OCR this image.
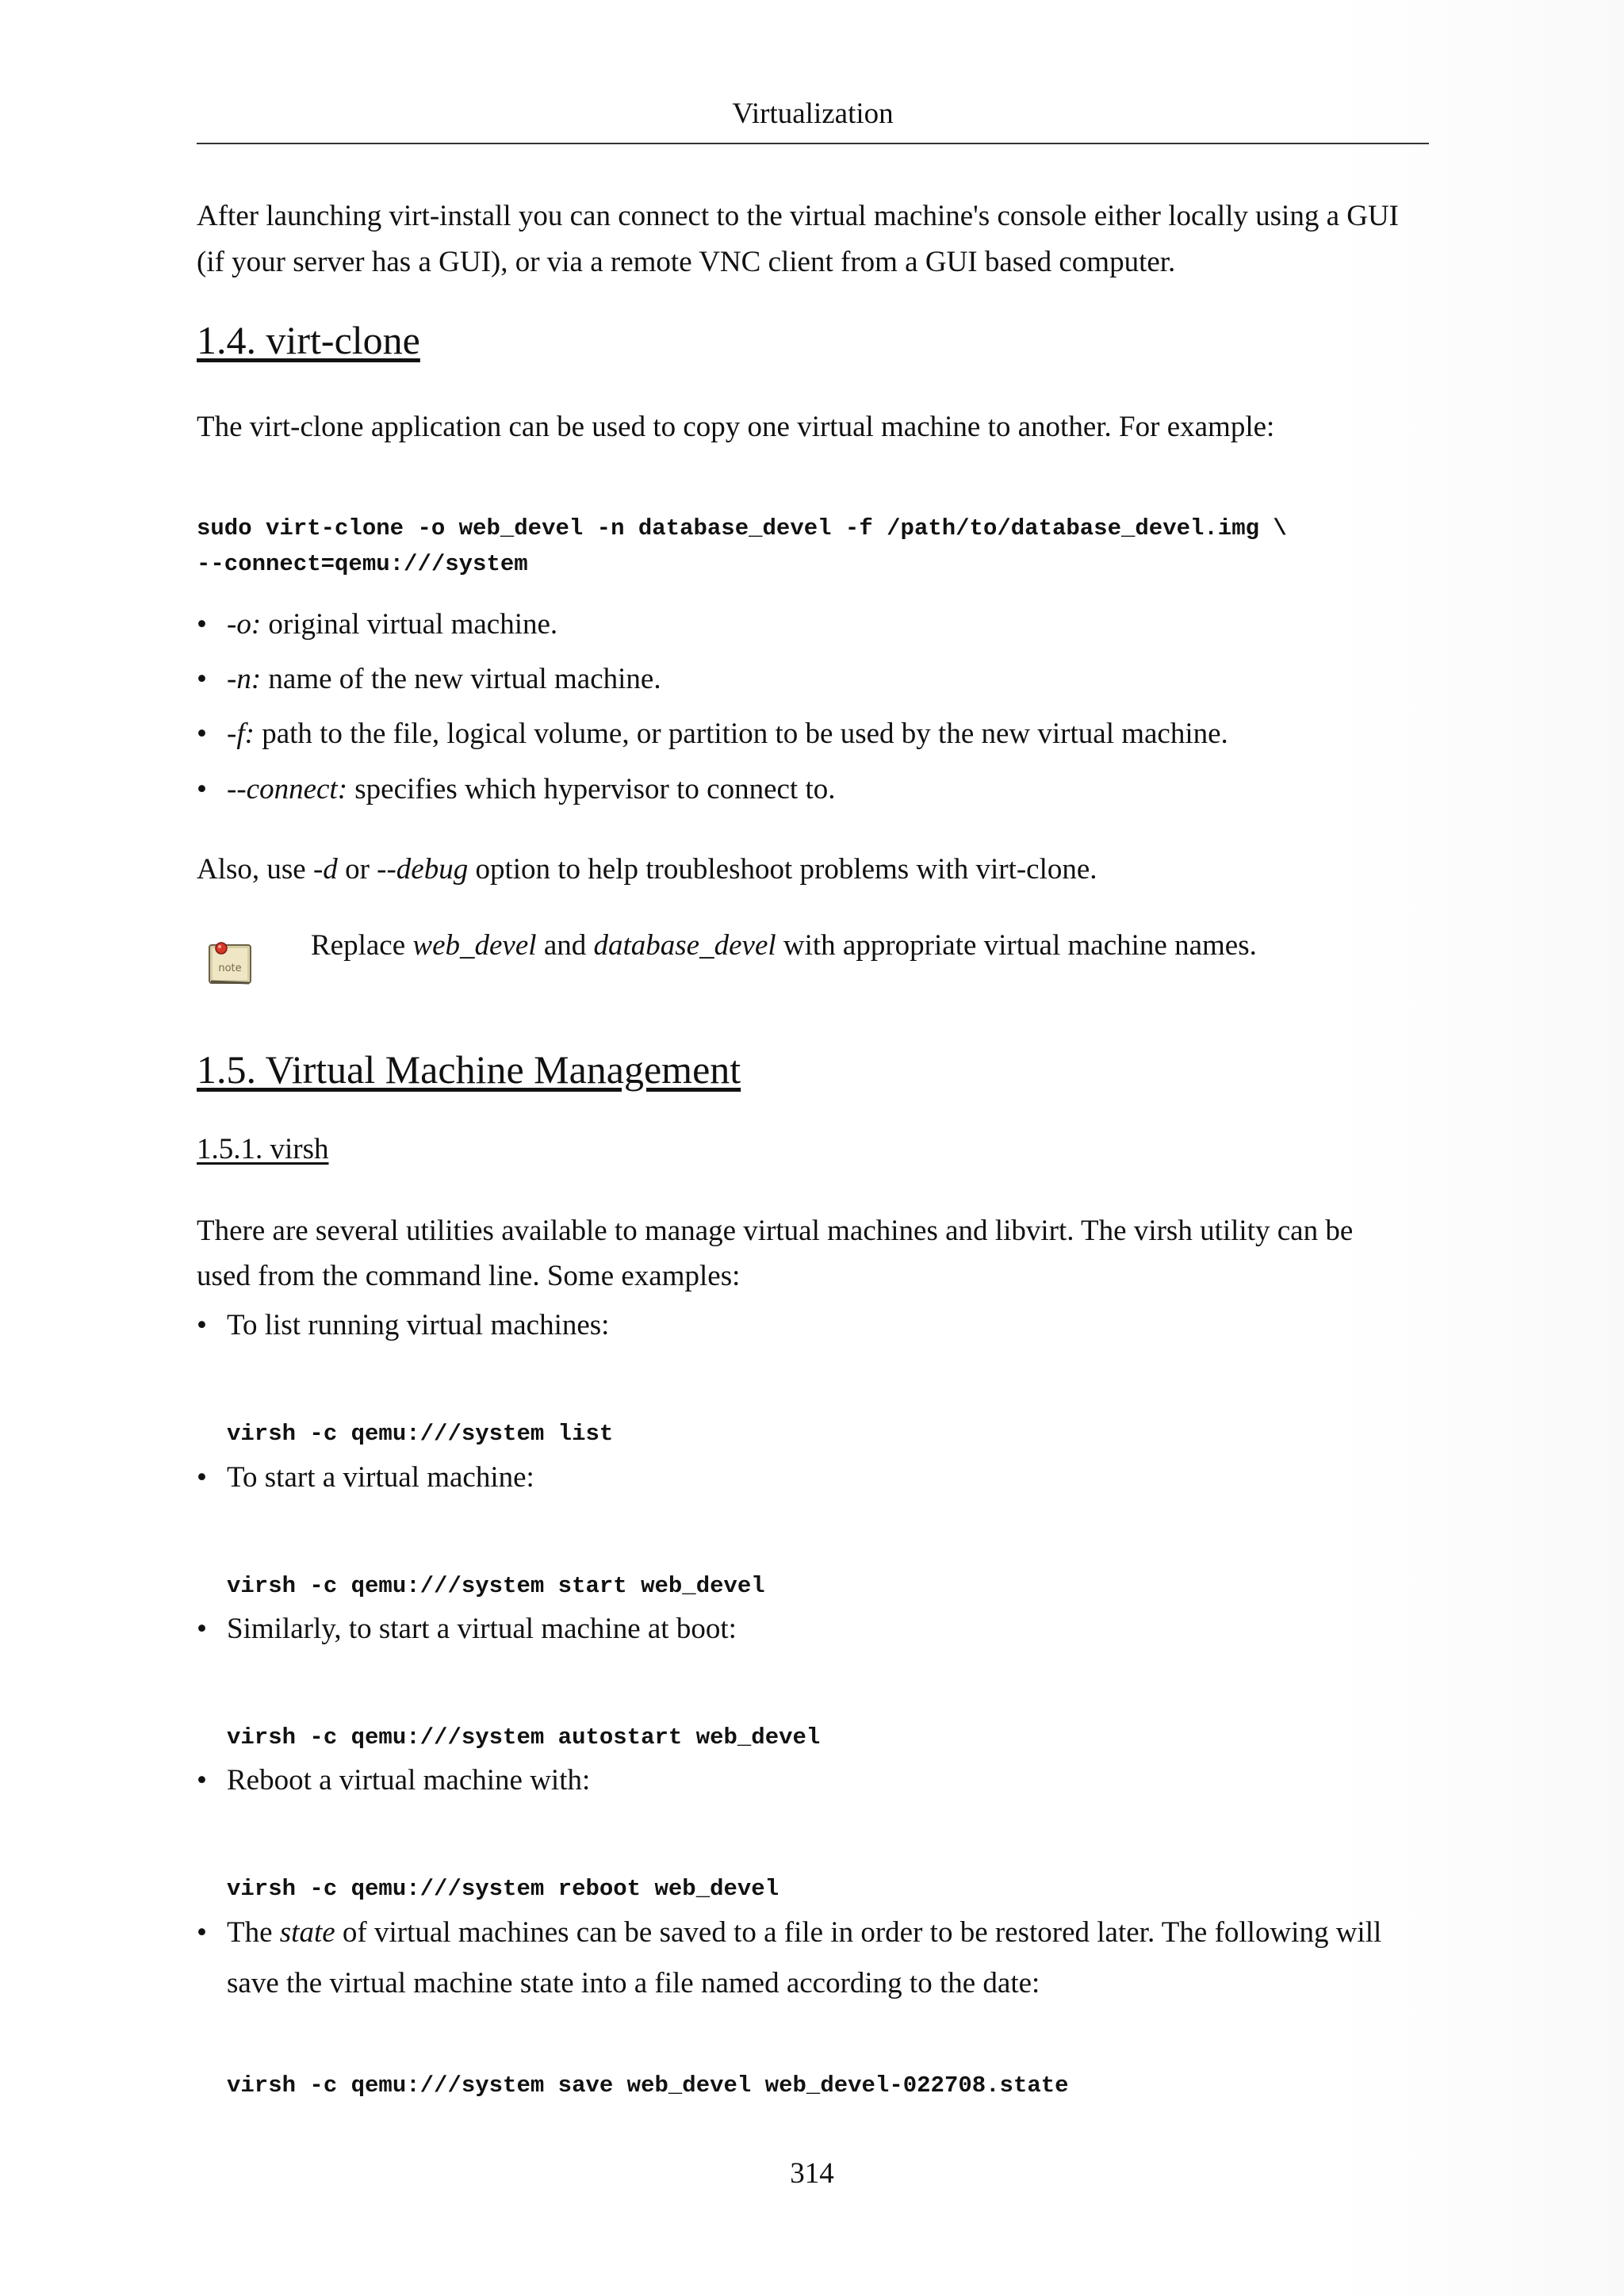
Virtualization
After launching virt-install you can connect to the virtual machine's console either locally using a GUI
(if your server has a GUI), or via a remote VNC client from a GUI based computer.
1.4. virt-clone
The virt-clone application can be used to copy one virtual machine to another. For example:
sudo virt-clone -o web_devel -n database_devel -f /path/to/database_devel.img \
--connect=qemu:///system
• -o: original virtual machine.
• -n: name of the new virtual machine.
• -f: path to the file, logical volume, or partition to be used by the new virtual machine.
• --connect: specifies which hypervisor to connect to.
Also, use -d or --debug option to help troubleshoot problems with virt-clone.
note
Replace web_devel and database_devel with appropriate virtual machine names.
1.5. Virtual Machine Management
1.5.1. virsh
There are several utilities available to manage virtual machines and libvirt. The virsh utility can be
used from the command line. Some examples:
• To list running virtual machines:
virsh -c qemu:///system list
• To start a virtual machine:
virsh -c qemu:///system start web_devel
• Similarly, to start a virtual machine at boot:
virsh -c qemu:///system autostart web_devel
• Reboot a virtual machine with:
virsh -c qemu:///system reboot web_devel
• The state of virtual machines can be saved to a file in order to be restored later. The following will
save the virtual machine state into a file named according to the date:
virsh -c qemu:///system save web_devel web_devel-022708.state
314
